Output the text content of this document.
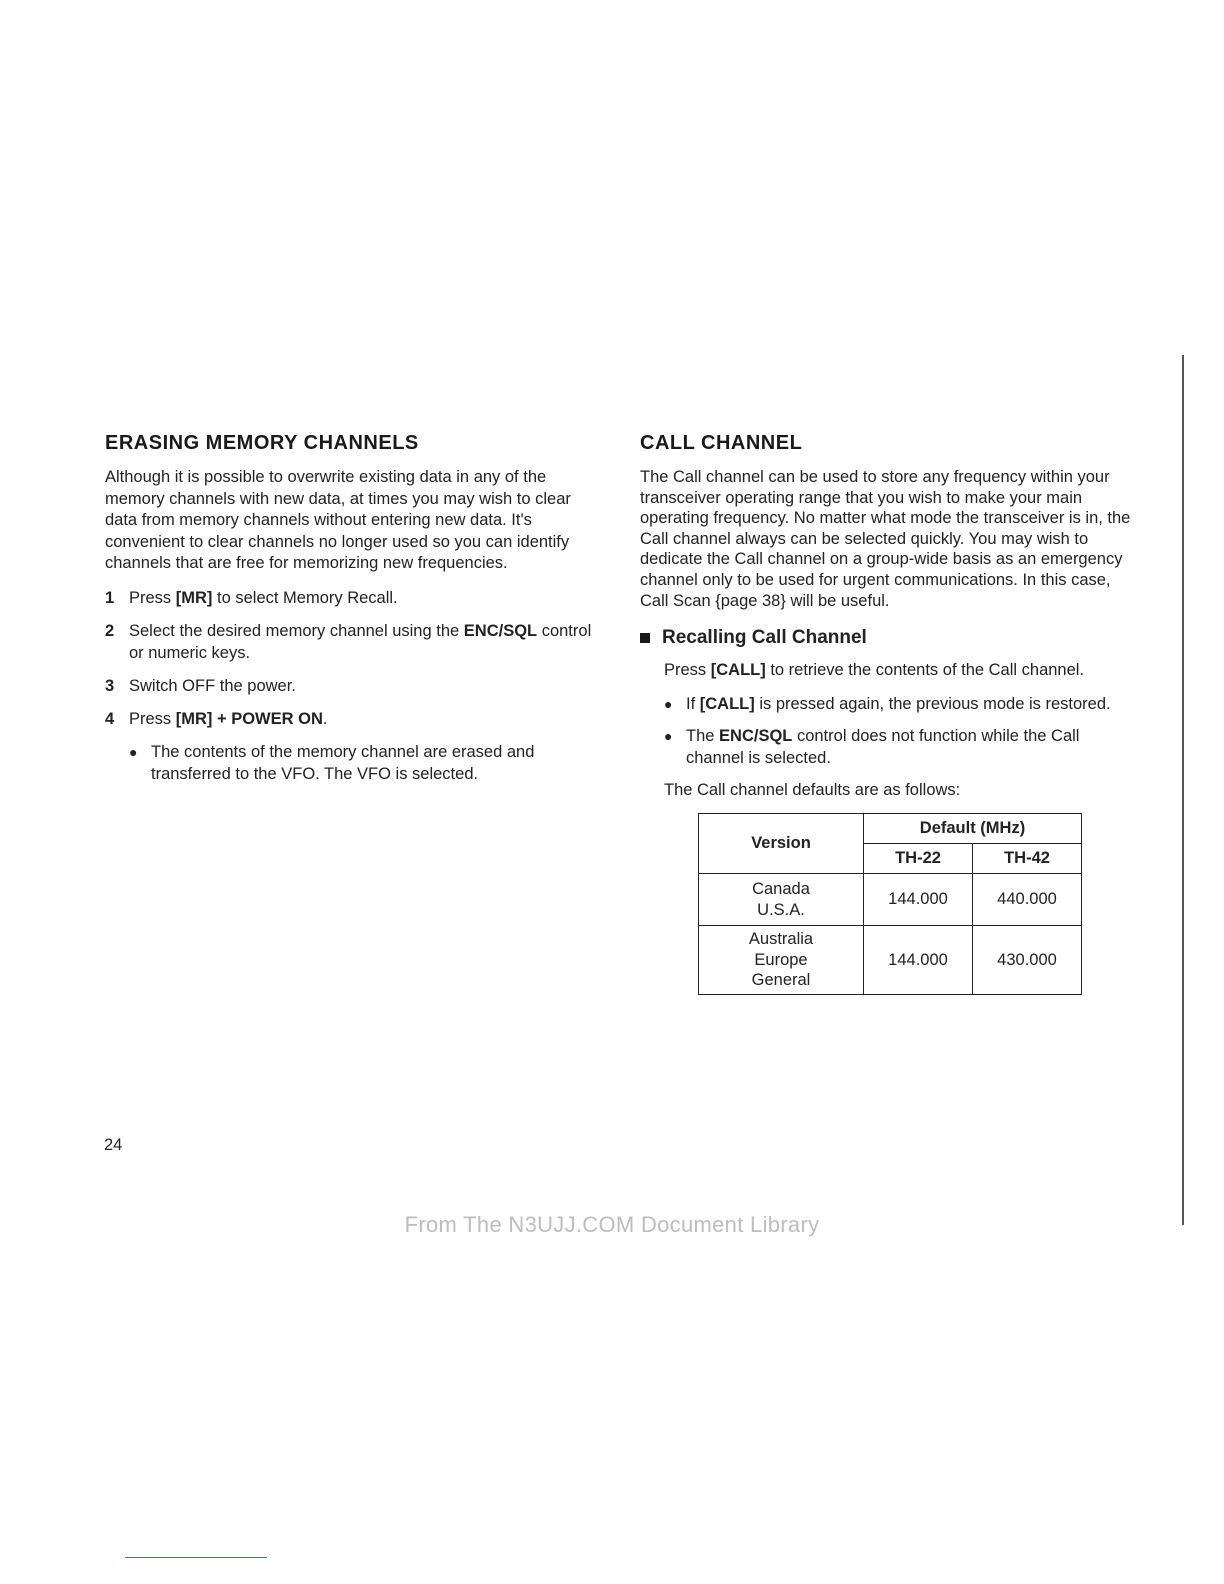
ERASING MEMORY CHANNELS

Although it is possible to overwrite existing data in any of the memory channels with new data, at times you may wish to clear data from memory channels without entering new data. It's convenient to clear channels no longer used so you can identify channels that are free for memorizing new frequencies.

1 Press [MR] to select Memory Recall.
2 Select the desired memory channel using the ENC/SQL control or numeric keys.
3 Switch OFF the power.
4 Press [MR] + POWER ON.
● The contents of the memory channel are erased and transferred to the VFO. The VFO is selected.
CALL CHANNEL

The Call channel can be used to store any frequency within your transceiver operating range that you wish to make your main operating frequency. No matter what mode the transceiver is in, the Call channel always can be selected quickly. You may wish to dedicate the Call channel on a group-wide basis as an emergency channel only to be used for urgent communications. In this case, Call Scan {page 38} will be useful.

Recalling Call Channel

Press [CALL] to retrieve the contents of the Call channel.

● If [CALL] is pressed again, the previous mode is restored.
● The ENC/SQL control does not function while the Call channel is selected.

The Call channel defaults are as follows:

Version	Default (MHz)	
	TH-22	TH-42
Canada
U.S.A.	144.000	440.000
Australia
Europe
General	144.000	430.000
24
From The N3UJJ.COM Document Library
